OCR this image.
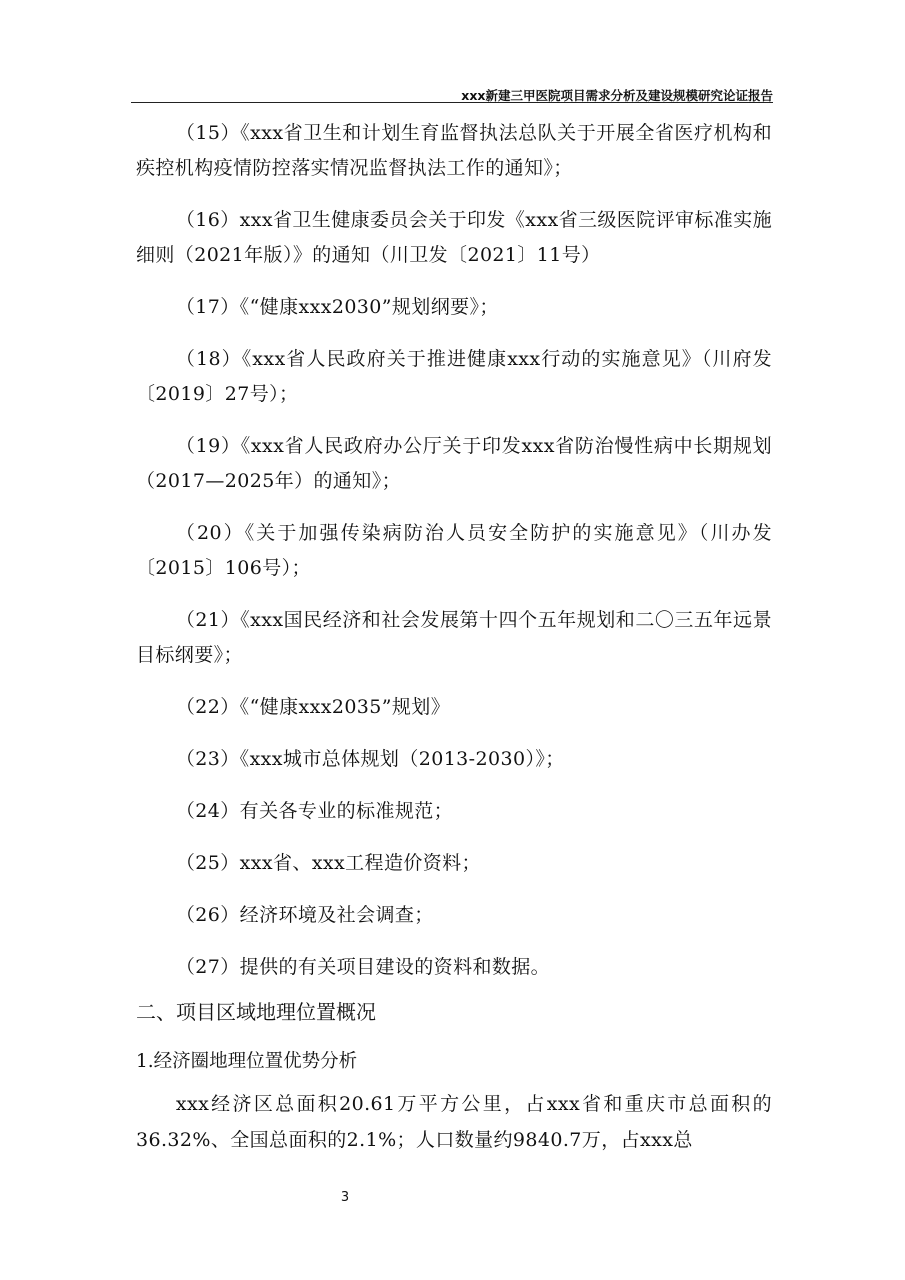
xxx新建三甲医院项目需求分析及建设规模研究论证报告

（15）《xxx省卫生和计划生育监督执法总队关于开展全省医疗机构和疾控机构疫情防控落实情况监督执法工作的通知》；

（16）xxx省卫生健康委员会关于印发《xxx省三级医院评审标准实施细则（2021年版）》的通知（川卫发〔2021〕11号）

（17）《“健康xxx2030”规划纲要》；

（18）《xxx省人民政府关于推进健康xxx行动的实施意见》（川府发〔2019〕27号）；

（19）《xxx省人民政府办公厅关于印发xxx省防治慢性病中长期规划（2017—2025年）的通知》；

（20）《关于加强传染病防治人员安全防护的实施意见》（川办发〔2015〕106号）；

（21）《xxx国民经济和社会发展第十四个五年规划和二〇三五年远景目标纲要》；

（22）《“健康xxx2035”规划》

（23）《xxx城市总体规划（2013-2030）》；

（24）有关各专业的标准规范；

（25）xxx省、xxx工程造价资料；

（26）经济环境及社会调查；

（27）提供的有关项目建设的资料和数据。

二、项目区域地理位置概况
1.经济圈地理位置优势分析

xxx经济区总面积20.61万平方公里，占xxx省和重庆市总面积的36.32%、全国总面积的2.1%；人口数量约9840.7万，占xxx总

3
